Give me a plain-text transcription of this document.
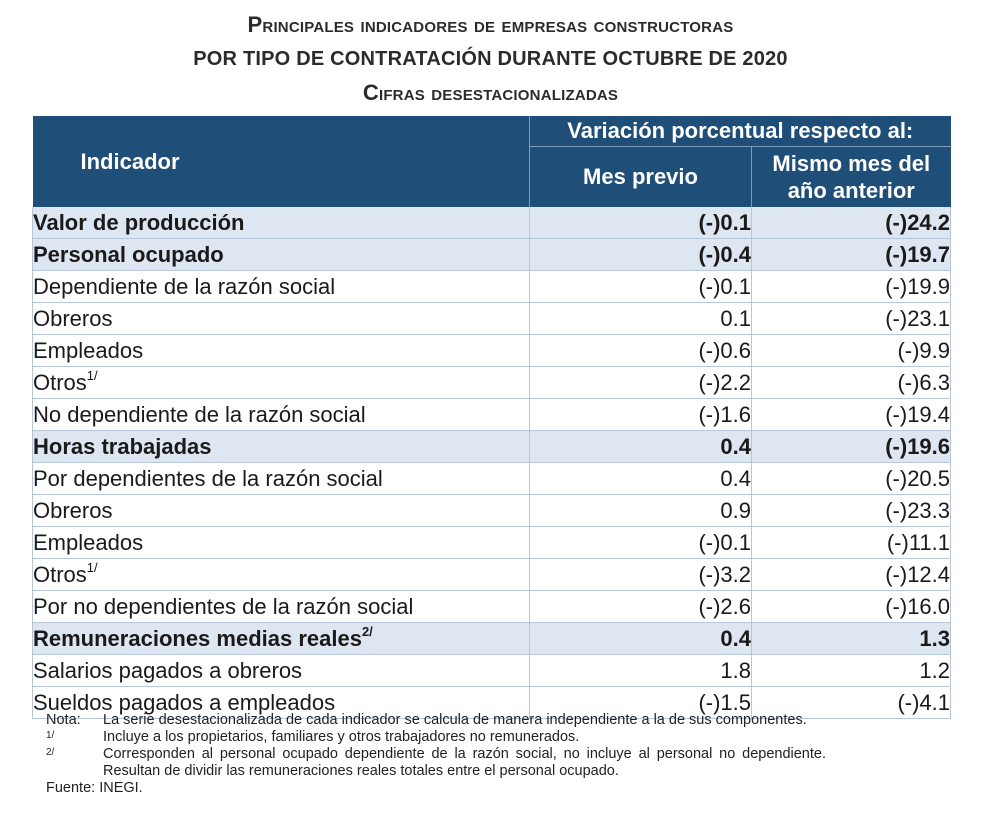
Principales indicadores de empresas constructoras
POR TIPO DE CONTRATACIÓN DURANTE OCTUBRE DE 2020
Cifras desestacionalizadas
Indicador	Variación porcentual respecto al:	
	Mes previo	Mismo mes del
año anterior

Valor de producción	(-)0.1	(-)24.2
Personal ocupado	(-)0.4	(-)19.7
Dependiente de la razón social	(-)0.1	(-)19.9
Obreros	0.1	(-)23.1
Empleados	(-)0.6	(-)9.9
Otros$^{1/}$	(-)2.2	(-)6.3
No dependiente de la razón social	(-)1.6	(-)19.4
Horas trabajadas	0.4	(-)19.6
Por dependientes de la razón social	0.4	(-)20.5
Obreros	0.9	(-)23.3
Empleados	(-)0.1	(-)11.1
Otros$^{1/}$	(-)3.2	(-)12.4
Por no dependientes de la razón social	(-)2.6	(-)16.0
Remuneraciones medias reales$^{2/}$	0.4	1.3
Salarios pagados a obreros	1.8	1.2
Sueldos pagados a empleados	(-)1.5	(-)4.1
Nota:	La serie desestacionalizada de cada indicador se calcula de manera independiente a la de sus componentes.
$^{1/}$	Incluye a los propietarios, familiares y otros trabajadores no remunerados.
$^{2/}$	Corresponden al personal ocupado dependiente de la razón social, no incluye al personal no dependiente. Resultan de dividir las remuneraciones reales totales entre el personal ocupado.
Fuente: INEGI.
